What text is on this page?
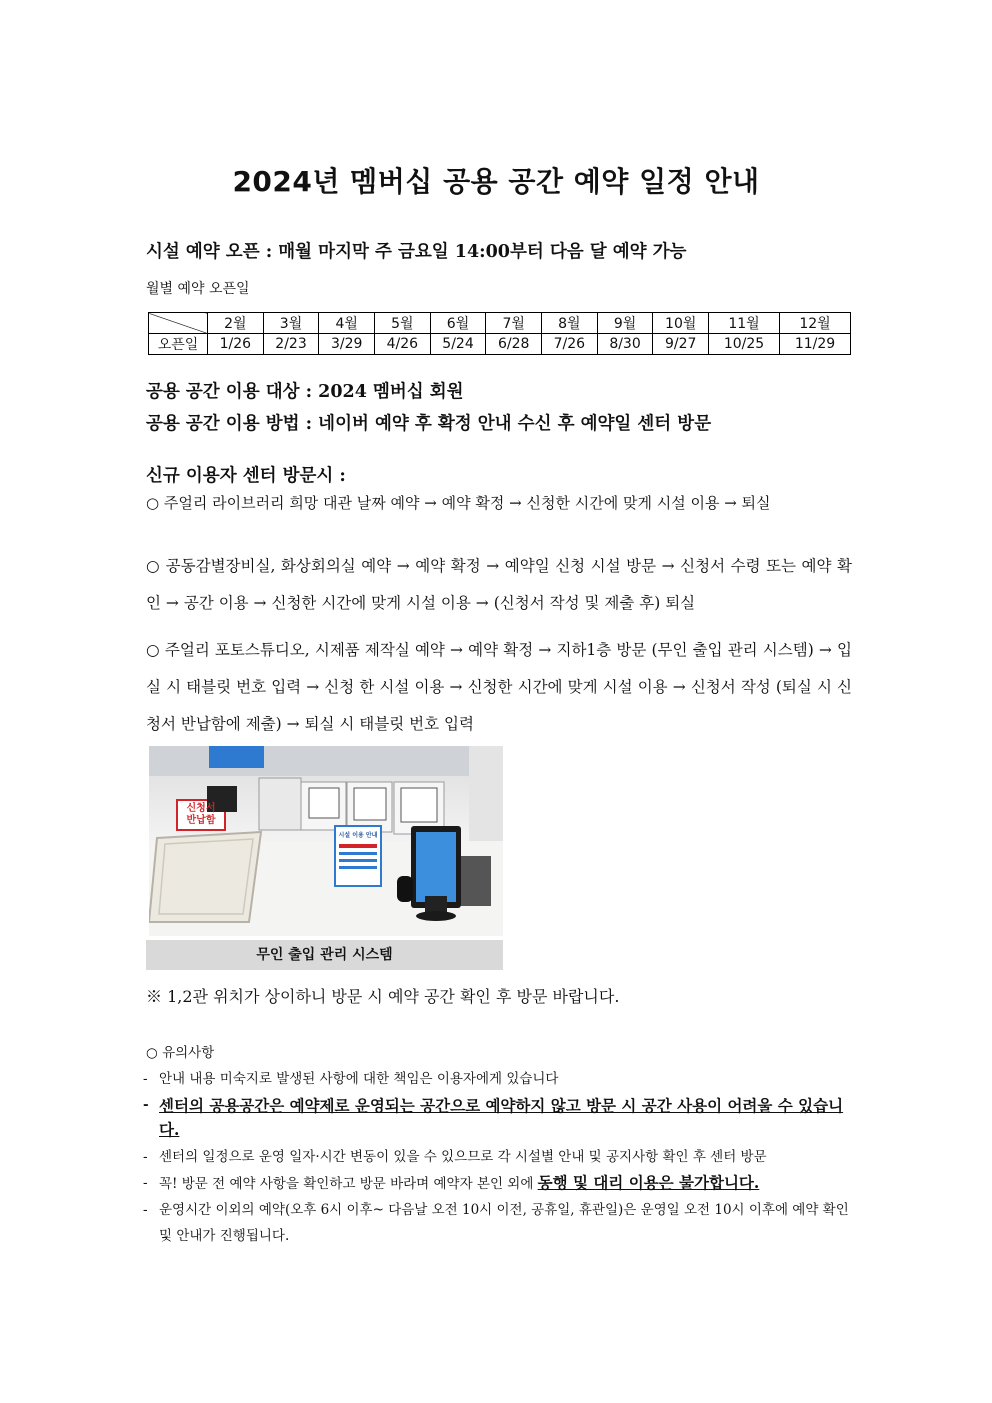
2024년 멤버십 공용 공간 예약 일정 안내
시설 예약 오픈 : 매월 마지막 주 금요일 14:00부터 다음 달 예약 가능
월별 예약 오픈일
	2월	3월	4월	5월	6월	7월	8월	9월	10월	11월	12월
오픈일	1/26	2/23	3/29	4/26	5/24	6/28	7/26	8/30	9/27	10/25	11/29
공용 공간 이용 대상 : 2024 멤버십 회원
공용 공간 이용 방법 : 네이버 예약 후 확정 안내 수신 후 예약일 센터 방문
신규 이용자 센터 방문시 :
○ 주얼리 라이브러리 희망 대관 날짜 예약 → 예약 확정 → 신청한 시간에 맞게 시설 이용 → 퇴실
○ 공동감별장비실, 화상회의실 예약 → 예약 확정 → 예약일 신청 시설 방문 → 신청서 수령 또는 예약 확인 → 공간 이용 → 신청한 시간에 맞게 시설 이용 → (신청서 작성 및 제출 후) 퇴실
○ 주얼리 포토스튜디오, 시제품 제작실 예약 → 예약 확정 → 지하1층 방문 (무인 출입 관리 시스템) → 입실 시 태블릿 번호 입력 → 신청 한 시설 이용 → 신청한 시간에 맞게 시설 이용 → 신청서 작성 (퇴실 시 신청서 반납함에 제출) → 퇴실 시 태블릿 번호 입력
신청서
반납함
시설 이용 안내
무인 출입 관리 시스템
※ 1,2관 위치가 상이하니 방문 시 예약 공간 확인 후 방문 바랍니다.
○ 유의사항
- 안내 내용 미숙지로 발생된 사항에 대한 책임은 이용자에게 있습니다
- 센터의 공용공간은 예약제로 운영되는 공간으로 예약하지 않고 방문 시 공간 사용이 어려울 수 있습니다.
- 센터의 일정으로 운영 일자·시간 변동이 있을 수 있으므로 각 시설별 안내 및 공지사항 확인 후 센터 방문
- 꼭! 방문 전 예약 사항을 확인하고 방문 바라며 예약자 본인 외에 동행 및 대리 이용은 불가합니다.
- 운영시간 이외의 예약(오후 6시 이후~ 다음날 오전 10시 이전, 공휴일, 휴관일)은 운영일 오전 10시 이후에 예약 확인 및 안내가 진행됩니다.
